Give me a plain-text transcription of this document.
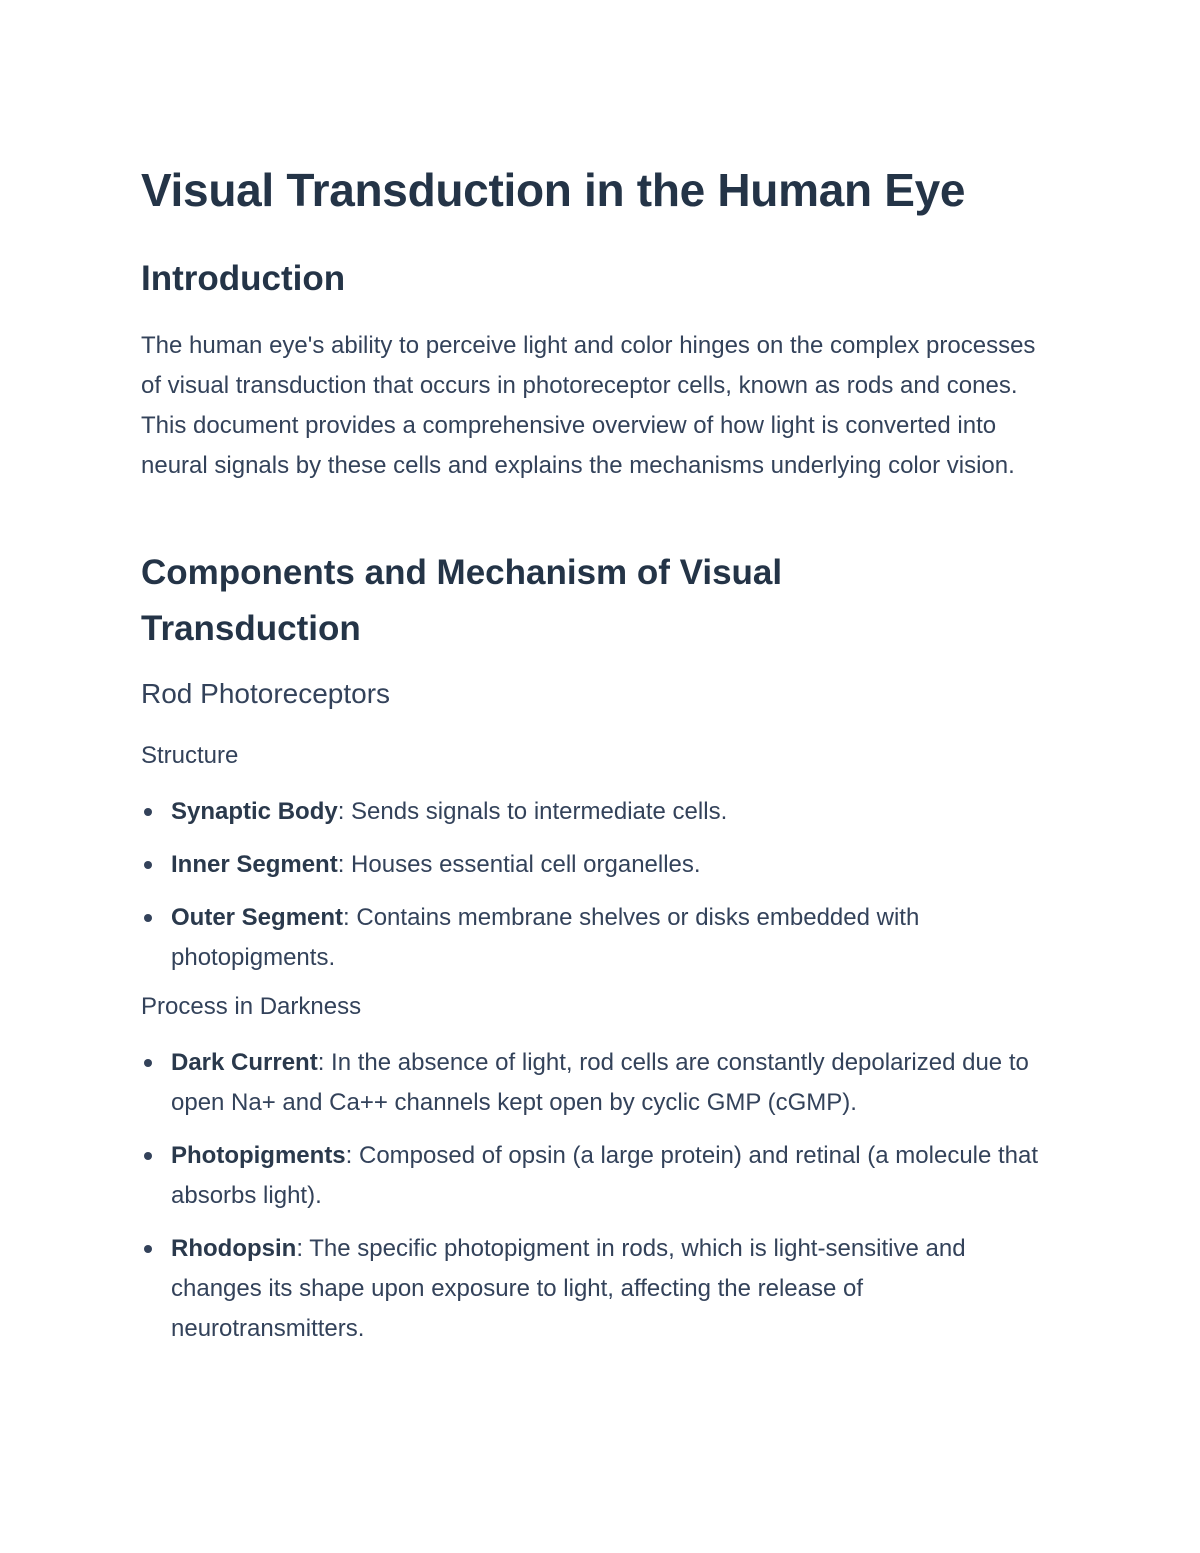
Visual Transduction in the Human Eye
Introduction

The human eye's ability to perceive light and color hinges on the complex processes of visual transduction that occurs in photoreceptor cells, known as rods and cones. This document provides a comprehensive overview of how light is converted into neural signals by these cells and explains the mechanisms underlying color vision.

Components and Mechanism of Visual Transduction
Rod Photoreceptors
Structure
Synaptic Body: Sends signals to intermediate cells.
Inner Segment: Houses essential cell organelles.
Outer Segment: Contains membrane shelves or disks embedded with photopigments.
Process in Darkness
Dark Current: In the absence of light, rod cells are constantly depolarized due to open Na+ and Ca++ channels kept open by cyclic GMP (cGMP).
Photopigments: Composed of opsin (a large protein) and retinal (a molecule that absorbs light).
Rhodopsin: The specific photopigment in rods, which is light-sensitive and changes its shape upon exposure to light, affecting the release of neurotransmitters.
